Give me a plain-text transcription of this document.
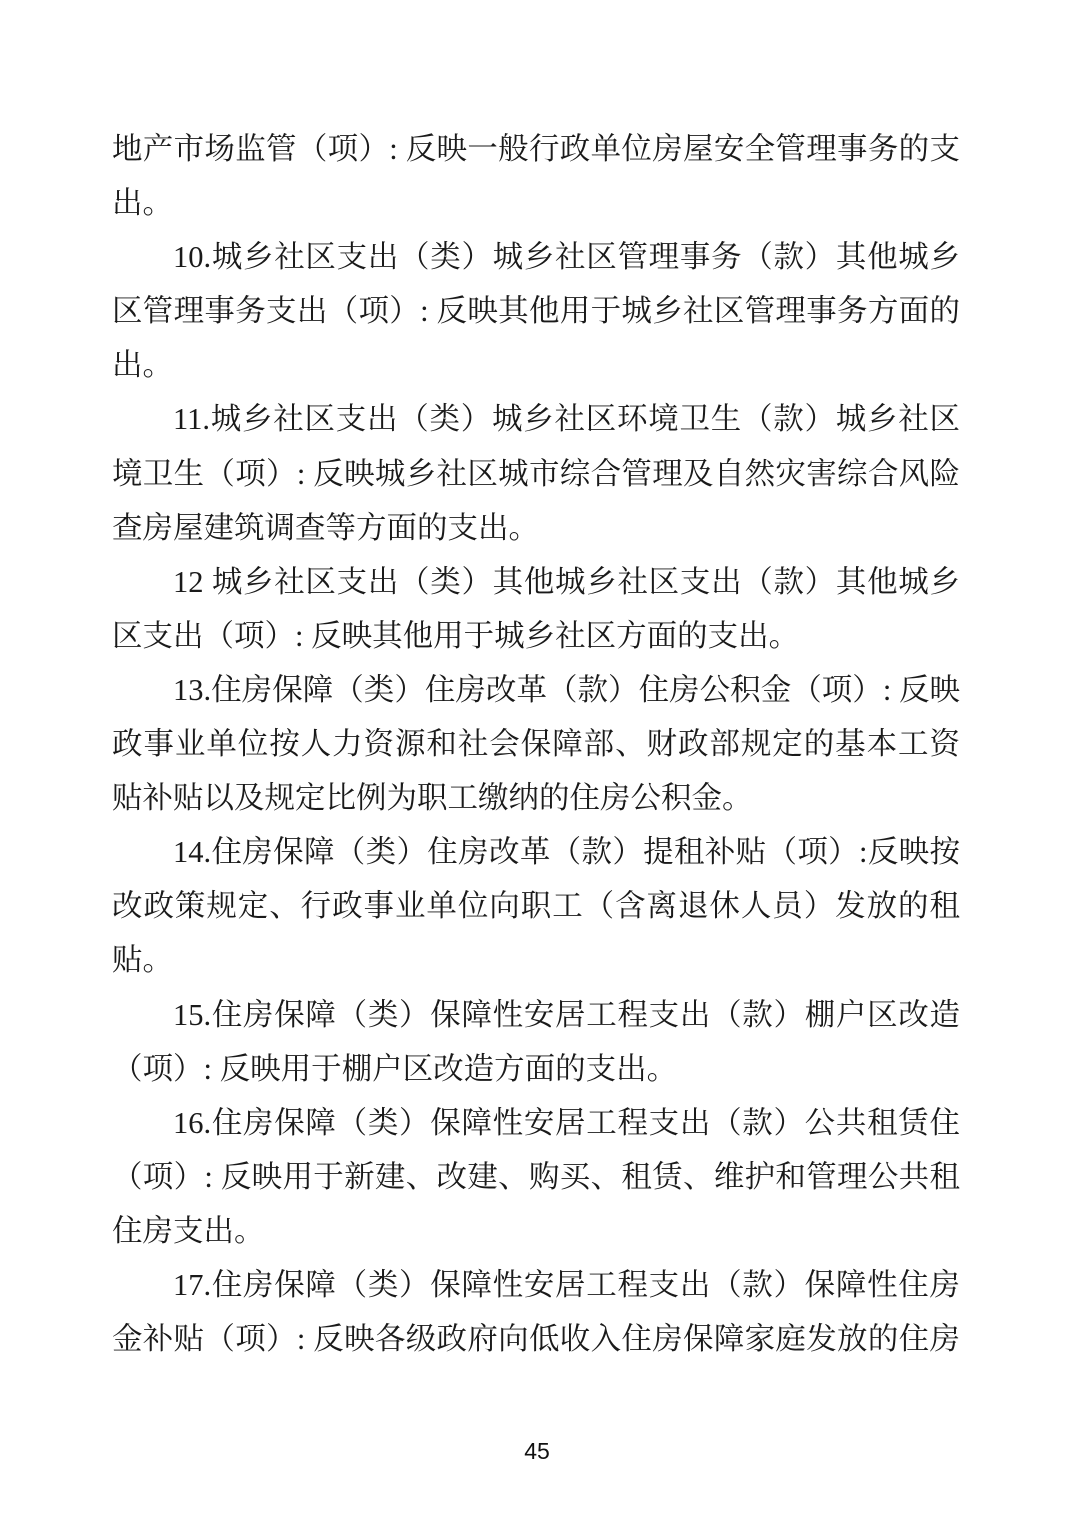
地产市场监管（项）: 反映一般行政单位房屋安全管理事务的支
出。
10.城乡社区支出（类）城乡社区管理事务（款）其他城乡
区管理事务支出（项）: 反映其他用于城乡社区管理事务方面的
出。
11.城乡社区支出（类）城乡社区环境卫生（款）城乡社区
境卫生（项）: 反映城乡社区城市综合管理及自然灾害综合风险
查房屋建筑调查等方面的支出。
12 城乡社区支出（类）其他城乡社区支出（款）其他城乡
区支出（项）: 反映其他用于城乡社区方面的支出。
13.住房保障（类）住房改革（款）住房公积金（项）: 反映
政事业单位按人力资源和社会保障部、财政部规定的基本工资
贴补贴以及规定比例为职工缴纳的住房公积金。
14.住房保障（类）住房改革（款）提租补贴（项）:反映按
改政策规定、行政事业单位向职工（含离退休人员）发放的租
贴。
15.住房保障（类）保障性安居工程支出（款）棚户区改造
（项）: 反映用于棚户区改造方面的支出。
16.住房保障（类）保障性安居工程支出（款）公共租赁住
（项）: 反映用于新建、改建、购买、租赁、维护和管理公共租
住房支出。
17.住房保障（类）保障性安居工程支出（款）保障性住房
金补贴（项）: 反映各级政府向低收入住房保障家庭发放的住房
45
